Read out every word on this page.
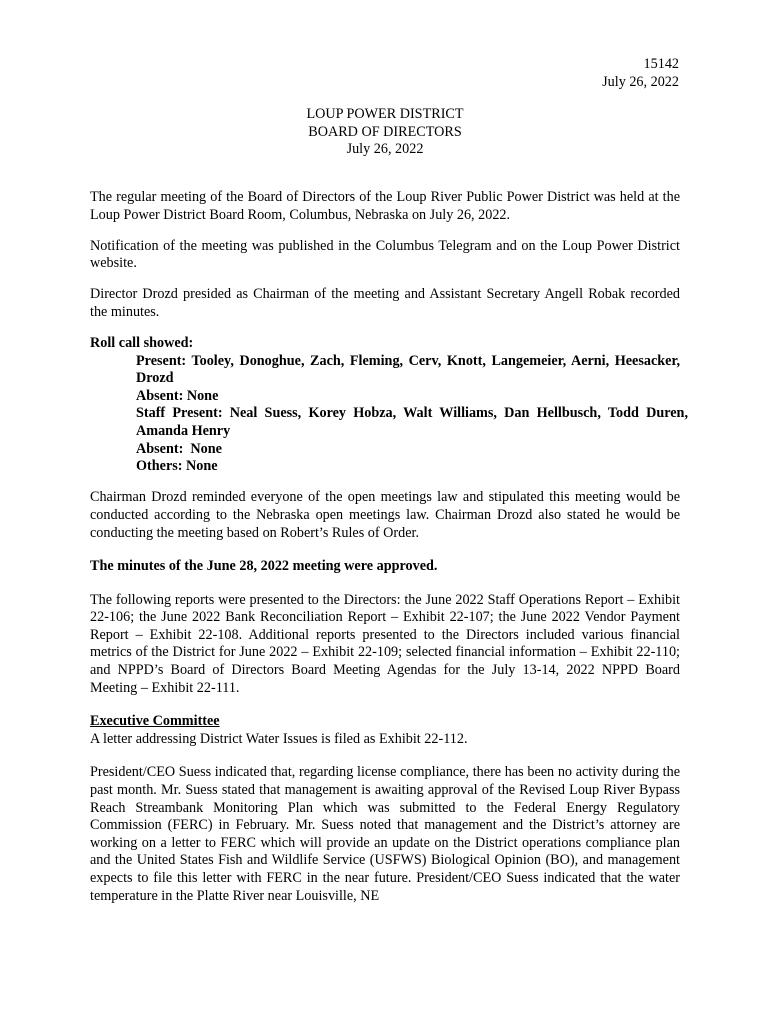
15142
July 26, 2022
LOUP POWER DISTRICT
BOARD OF DIRECTORS
July 26, 2022

The regular meeting of the Board of Directors of the Loup River Public Power District was held at the Loup Power District Board Room, Columbus, Nebraska on July 26, 2022.

Notification of the meeting was published in the Columbus Telegram and on the Loup Power District website.

Director Drozd presided as Chairman of the meeting and Assistant Secretary Angell Robak recorded the minutes.

Roll call showed:

Present: Tooley, Donoghue, Zach, Fleming, Cerv, Knott, Langemeier, Aerni, Heesacker, Drozd

Absent: None

Staff Present: Neal Suess, Korey Hobza, Walt Williams, Dan Hellbusch, Todd Duren, Amanda Henry

Absent:  None
Others: None

Chairman Drozd reminded everyone of the open meetings law and stipulated this meeting would be conducted according to the Nebraska open meetings law. Chairman Drozd also stated he would be conducting the meeting based on Robert’s Rules of Order.

The minutes of the June 28, 2022 meeting were approved.

The following reports were presented to the Directors: the June 2022 Staff Operations Report – Exhibit 22-106; the June 2022 Bank Reconciliation Report – Exhibit 22-107; the June 2022 Vendor Payment Report – Exhibit 22-108. Additional reports presented to the Directors included various financial metrics of the District for June 2022 – Exhibit 22-109; selected financial information – Exhibit 22-110; and NPPD’s Board of Directors Board Meeting Agendas for the July 13-14, 2022 NPPD Board Meeting – Exhibit 22-111.

Executive Committee
A letter addressing District Water Issues is filed as Exhibit 22-112.

President/CEO Suess indicated that, regarding license compliance, there has been no activity during the past month. Mr. Suess stated that management is awaiting approval of the Revised Loup River Bypass Reach Streambank Monitoring Plan which was submitted to the Federal Energy Regulatory Commission (FERC) in February. Mr. Suess noted that management and the District’s attorney are working on a letter to FERC which will provide an update on the District operations compliance plan and the United States Fish and Wildlife Service (USFWS) Biological Opinion (BO), and management expects to file this letter with FERC in the near future. President/CEO Suess indicated that the water temperature in the Platte River near Louisville, NE
